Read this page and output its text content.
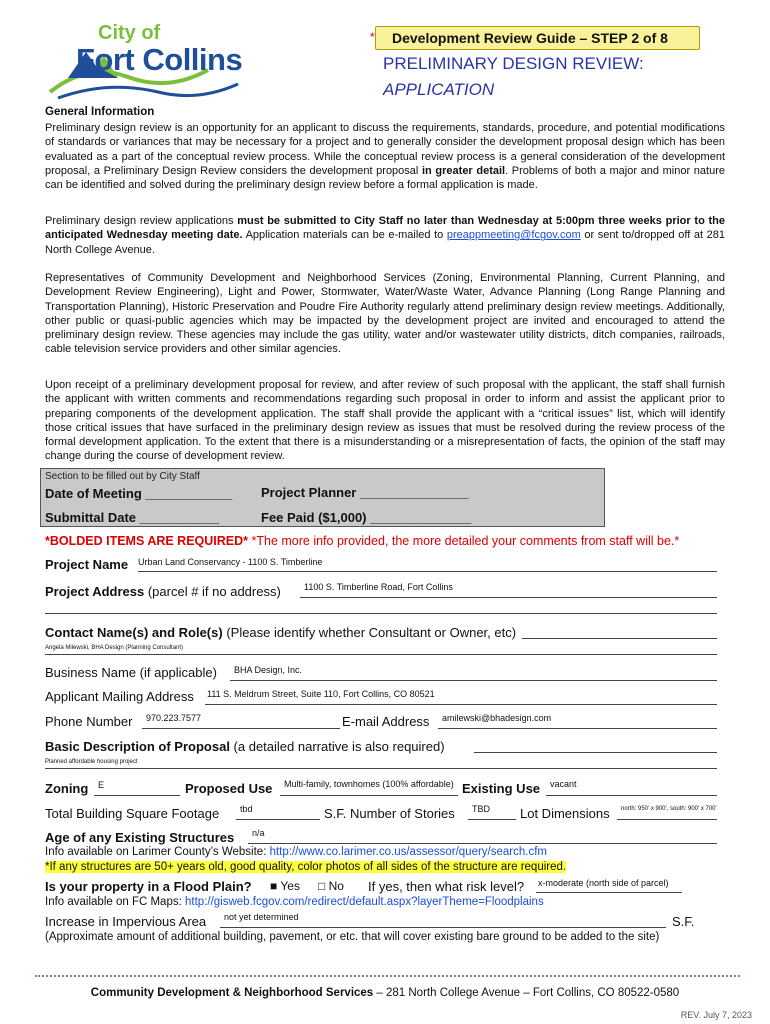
City of
Fort Collins
*	Development Review Guide – STEP 2 of 8
PRELIMINARY DESIGN REVIEW:
APPLICATION
General Information

Preliminary design review is an opportunity for an applicant to discuss the requirements, standards, procedure, and potential modifications of standards or variances that may be necessary for a project and to generally consider the development proposal design which has been evaluated as a part of the conceptual review process. While the conceptual review process is a general consideration of the development proposal, a Preliminary Design Review considers the development proposal in greater detail. Problems of both a major and minor nature can be identified and solved during the preliminary design review before a formal application is made.

Preliminary design review applications must be submitted to City Staff no later than Wednesday at 5:00pm three weeks prior to the anticipated Wednesday meeting date. Application materials can be e-mailed to preappmeeting@fcgov.com or sent to/dropped off at 281 North College Avenue.

Representatives of Community Development and Neighborhood Services (Zoning, Environmental Planning, Current Planning, and Development Review Engineering), Light and Power, Stormwater, Water/Waste Water, Advance Planning (Long Range Planning and Transportation Planning), Historic Preservation and Poudre Fire Authority regularly attend preliminary design review meetings. Additionally, other public or quasi-public agencies which may be impacted by the development project are invited and encouraged to attend the preliminary design review. These agencies may include the gas utility, water and/or wastewater utility districts, ditch companies, railroads, cable television service providers and other similar agencies.

Upon receipt of a preliminary development proposal for review, and after review of such proposal with the applicant, the staff shall furnish the applicant with written comments and recommendations regarding such proposal in order to inform and assist the applicant prior to preparing components of the development application. The staff shall provide the applicant with a “critical issues” list, which will identify those critical issues that have surfaced in the preliminary design review as issues that must be resolved during the review process of the formal development application. To the extent that there is a misunderstanding or a misrepresentation of facts, the opinion of the staff may change during the course of development review.

Section to be filled out by City Staff
Date of Meeting ____________ Project Planner _______________
Submittal Date ___________	Fee Paid ($1,000) ______________
*BOLDED ITEMS ARE REQUIRED* *The more info provided, the more detailed your comments from staff will be.*
Project Name Urban Land Conservancy - 1100 S. Timberline
Project Address (parcel # if no address)	1100 S. Timberline Road, Fort Collins
Contact Name(s) and Role(s) (Please identify whether Consultant or Owner, etc)
Angela Milewski, BHA Design (Planning Consultant)
Business Name (if applicable) BHA Design, Inc.
Applicant Mailing Address 111 S. Meldrum Street, Suite 110, Fort Collins, CO 80521
Phone Number 970.223.7577	E-mail Address amilewski@bhadesign.com
Basic Description of Proposal (a detailed narrative is also required)
Planned affordable housing project
Zoning E	Proposed Use Multi-family, townhomes (100% affordable) Existing Use vacant
Total Building Square Footage tbd	S.F. Number of Stories TBD Lot Dimensions north: 950' x 900', south: 900' x 700'
Age of any Existing Structures n/a
Info available on Larimer County’s Website: http://www.co.larimer.co.us/assessor/query/search.cfm
*If any structures are 50+ years old, good quality, color photos of all sides of the structure are required.
Is your property in a Flood Plain? ■ Yes □ No If yes, then what risk level? x-moderate (north side of parcel)
Info available on FC Maps: http://gisweb.fcgov.com/redirect/default.aspx?layerTheme=Floodplains
Increase in Impervious Area not yet determined	S.F.
(Approximate amount of additional building, pavement, or etc. that will cover existing bare ground to be added to the site)
Community Development & Neighborhood Services – 281 North College Avenue – Fort Collins, CO 80522-0580
REV. July 7, 2023
